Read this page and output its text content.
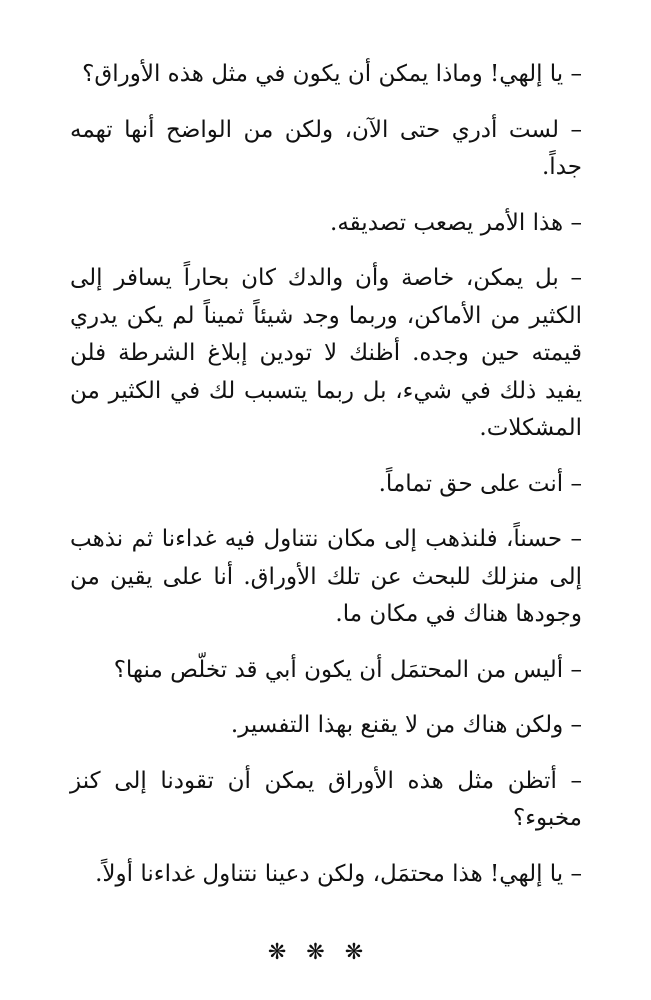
– يا إلهي! وماذا يمكن أن يكون في مثل هذه الأوراق؟

– لست أدري حتى الآن، ولكن من الواضح أنها تهمه جداً.

– هذا الأمر يصعب تصديقه.

– بل يمكن، خاصة وأن والدك كان بحاراً يسافر إلى الكثير من الأماكن، وربما وجد شيئاً ثميناً لم يكن يدري قيمته حين وجده. أظنك لا تودين إبلاغ الشرطة فلن يفيد ذلك في شيء، بل ربما يتسبب لك في الكثير من المشكلات.

– أنت على حق تماماً.

– حسناً، فلنذهب إلى مكان نتناول فيه غداءنا ثم نذهب إلى منزلك للبحث عن تلك الأوراق. أنا على يقين من وجودها هناك في مكان ما.

– أليس من المحتمَل أن يكون أبي قد تخلّص منها؟

– ولكن هناك من لا يقنع بهذا التفسير.

– أتظن مثل هذه الأوراق يمكن أن تقودنا إلى كنز مخبوء؟

– يا إلهي! هذا محتمَل، ولكن دعينا نتناول غداءنا أولاً.

❋❋❋
